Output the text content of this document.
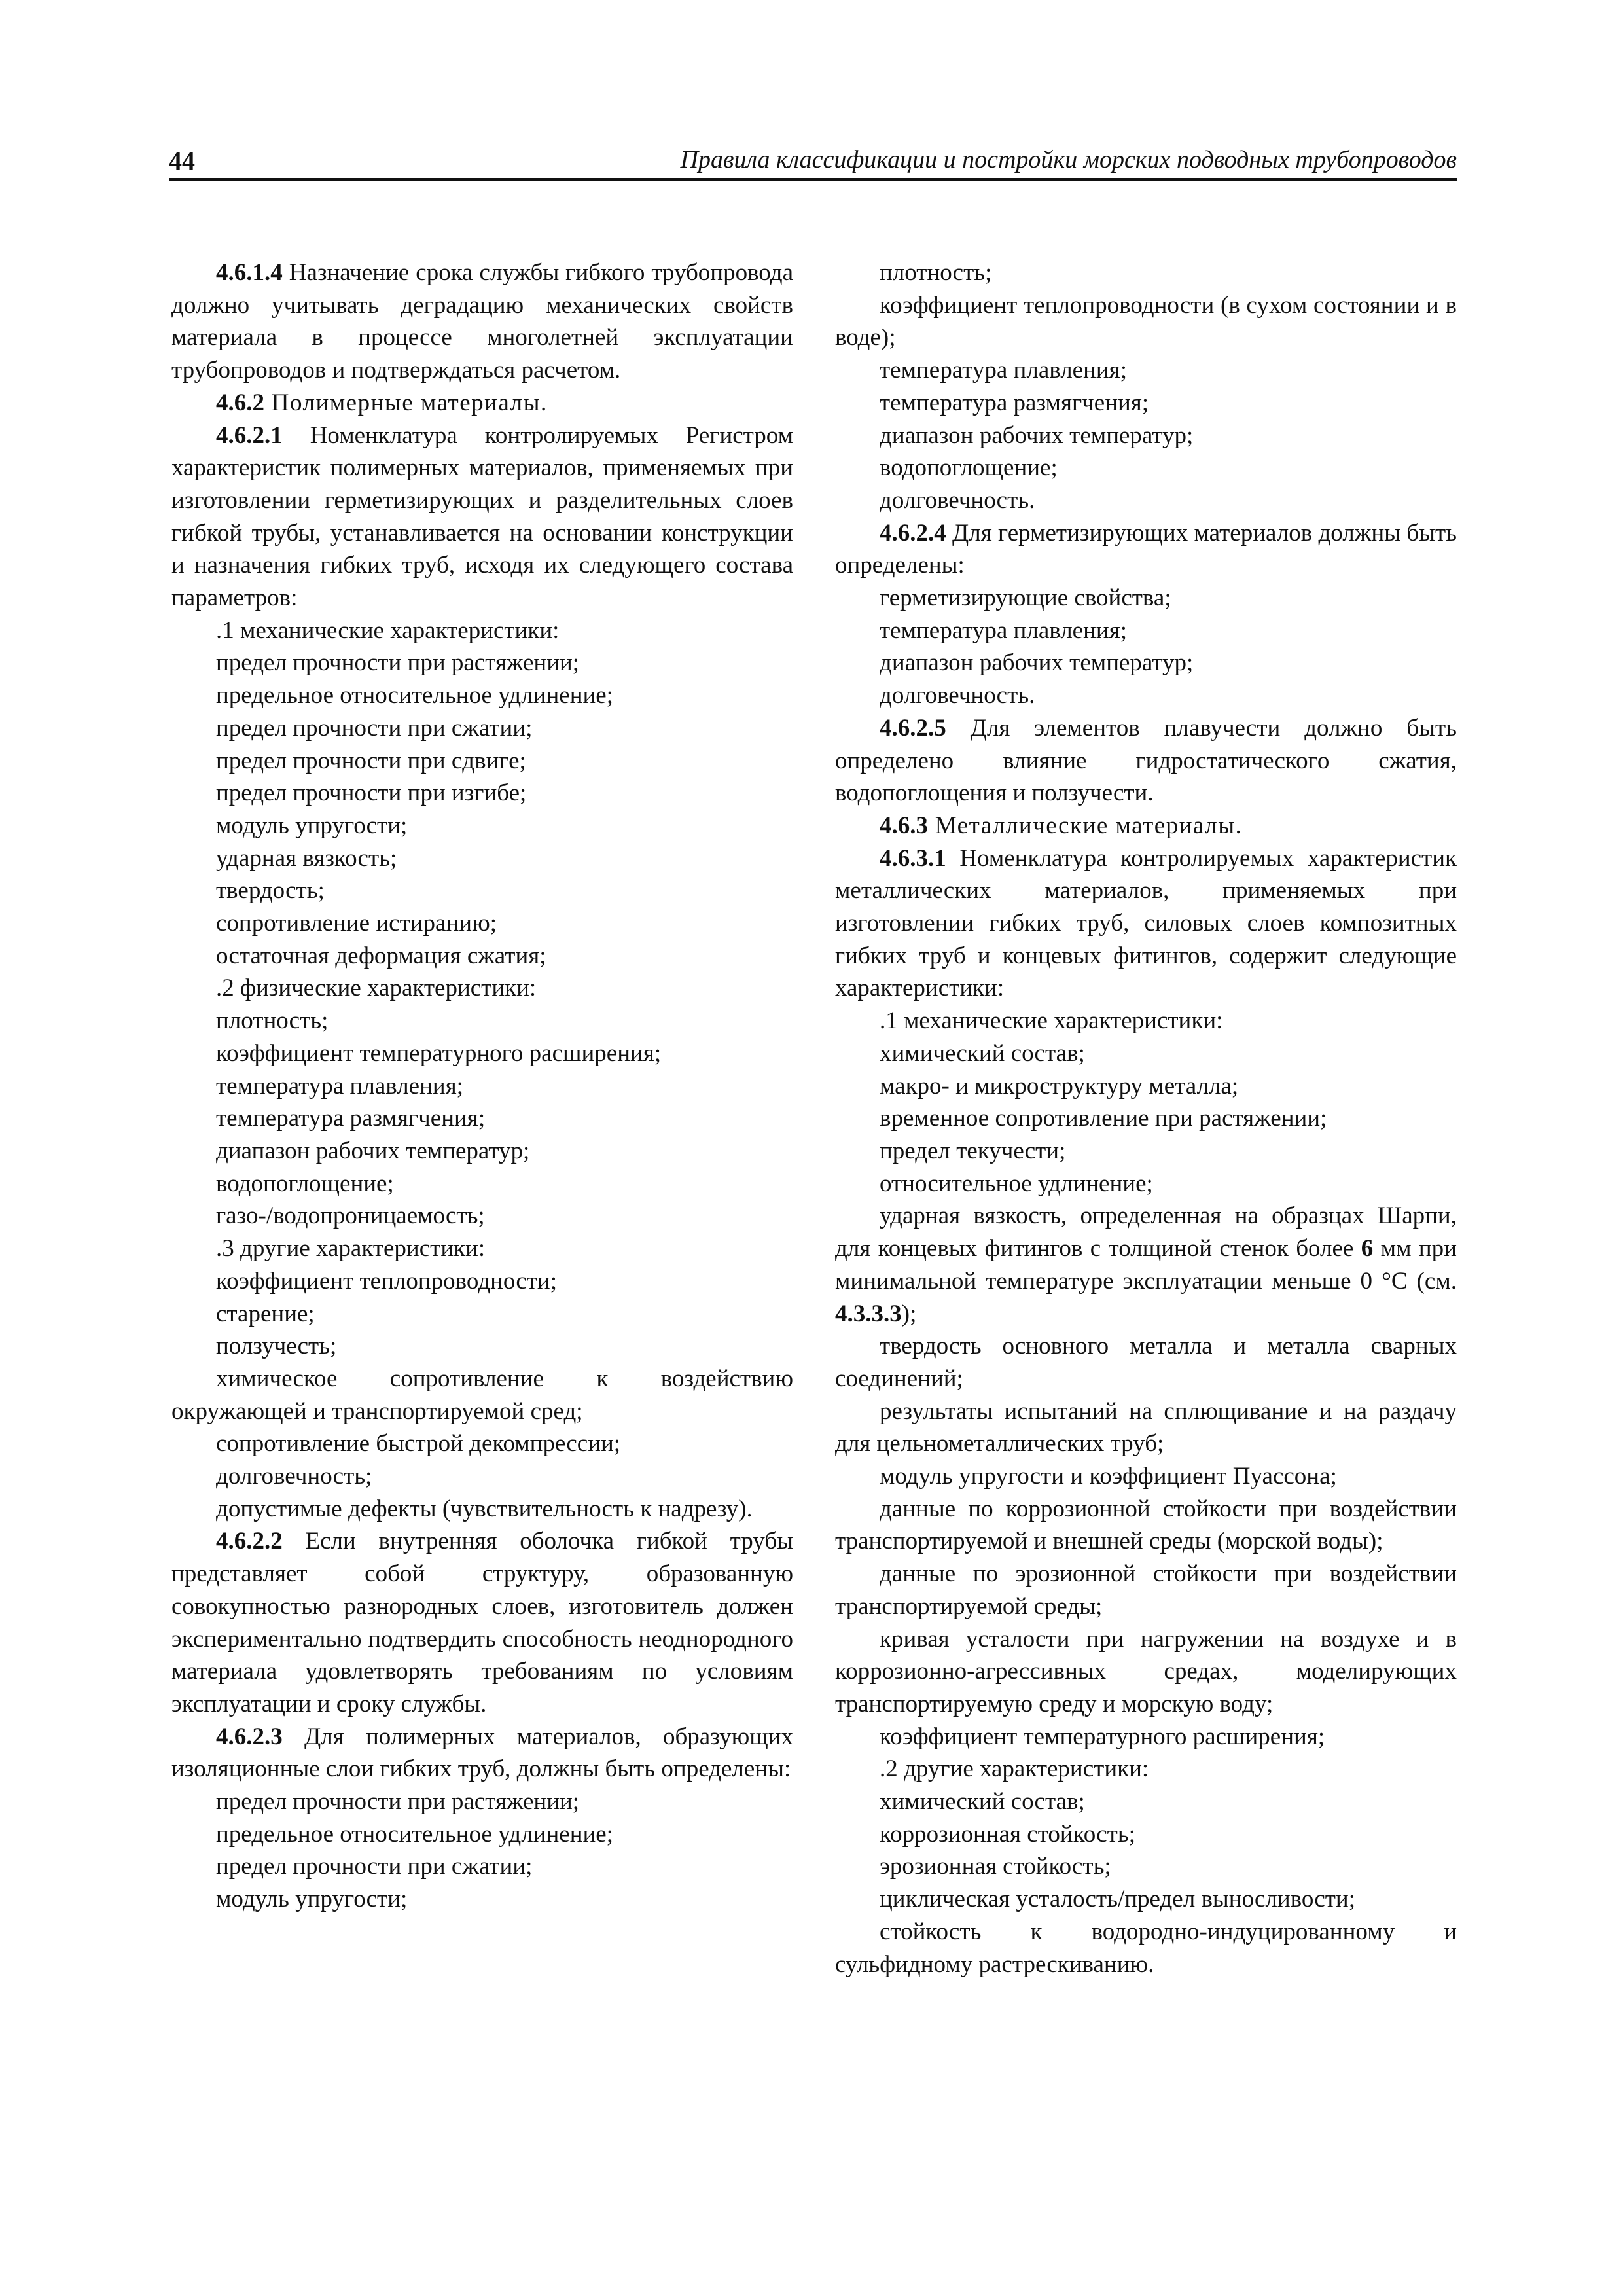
44	Правила классификации и постройки морских подводных трубопроводов

4.6.1.4 Назначение срока службы гибкого трубопровода должно учитывать деградацию механических свойств материала в процессе многолетней эксплуатации трубопроводов и подтверждаться расчетом.

4.6.2 Полимерные материалы.

4.6.2.1 Номенклатура контролируемых Регистром характеристик полимерных материалов, применяемых при изготовлении герметизирующих и разделительных слоев гибкой трубы, устанавливается на основании конструкции и назначения гибких труб, исходя их следующего состава параметров:

.1 механические характеристики:

предел прочности при растяжении;

предельное относительное удлинение;

предел прочности при сжатии;

предел прочности при сдвиге;

предел прочности при изгибе;

модуль упругости;

ударная вязкость;

твердость;

сопротивление истиранию;

остаточная деформация сжатия;

.2 физические характеристики:

плотность;

коэффициент температурного расширения;

температура плавления;

температура размягчения;

диапазон рабочих температур;

водопоглощение;

газо-/водопроницаемость;

.3 другие характеристики:

коэффициент теплопроводности;

старение;

ползучесть;

химическое сопротивление к воздействию окружающей и транспортируемой сред;

сопротивление быстрой декомпрессии;

долговечность;

допустимые дефекты (чувствительность к надрезу).

4.6.2.2 Если внутренняя оболочка гибкой трубы представляет собой структуру, образованную совокупностью разнородных слоев, изготовитель должен экспериментально подтвердить способность неоднородного материала удовлетворять требованиям по условиям эксплуатации и сроку службы.

4.6.2.3 Для полимерных материалов, образующих изоляционные слои гибких труб, должны быть определены:

предел прочности при растяжении;

предельное относительное удлинение;

предел прочности при сжатии;

модуль упругости;

плотность;

коэффициент теплопроводности (в сухом состоянии и в воде);

температура плавления;

температура размягчения;

диапазон рабочих температур;

водопоглощение;

долговечность.

4.6.2.4 Для герметизирующих материалов должны быть определены:

герметизирующие свойства;

температура плавления;

диапазон рабочих температур;

долговечность.

4.6.2.5 Для элементов плавучести должно быть определено влияние гидростатического сжатия, водопоглощения и ползучести.

4.6.3 Металлические материалы.

4.6.3.1 Номенклатура контролируемых характеристик металлических материалов, применяемых при изготовлении гибких труб, силовых слоев композитных гибких труб и концевых фитингов, содержит следующие характеристики:

.1 механические характеристики:

химический состав;

макро- и микроструктуру металла;

временное сопротивление при растяжении;

предел текучести;

относительное удлинение;

ударная вязкость, определенная на образцах Шарпи, для концевых фитингов с толщиной стенок более 6 мм при минимальной температуре эксплуатации меньше 0 °С (см. 4.3.3.3);

твердость основного металла и металла сварных соединений;

результаты испытаний на сплющивание и на раздачу для цельнометаллических труб;

модуль упругости и коэффициент Пуассона;

данные по коррозионной стойкости при воздействии транспортируемой и внешней среды (морской воды);

данные по эрозионной стойкости при воздействии транспортируемой среды;

кривая усталости при нагружении на воздухе и в коррозионно-агрессивных средах, моделирующих транспортируемую среду и морскую воду;

коэффициент температурного расширения;

.2 другие характеристики:

химический состав;

коррозионная стойкость;

эрозионная стойкость;

циклическая усталость/предел выносливости;

стойкость к водородно-индуцированному и сульфидному растрескиванию.
